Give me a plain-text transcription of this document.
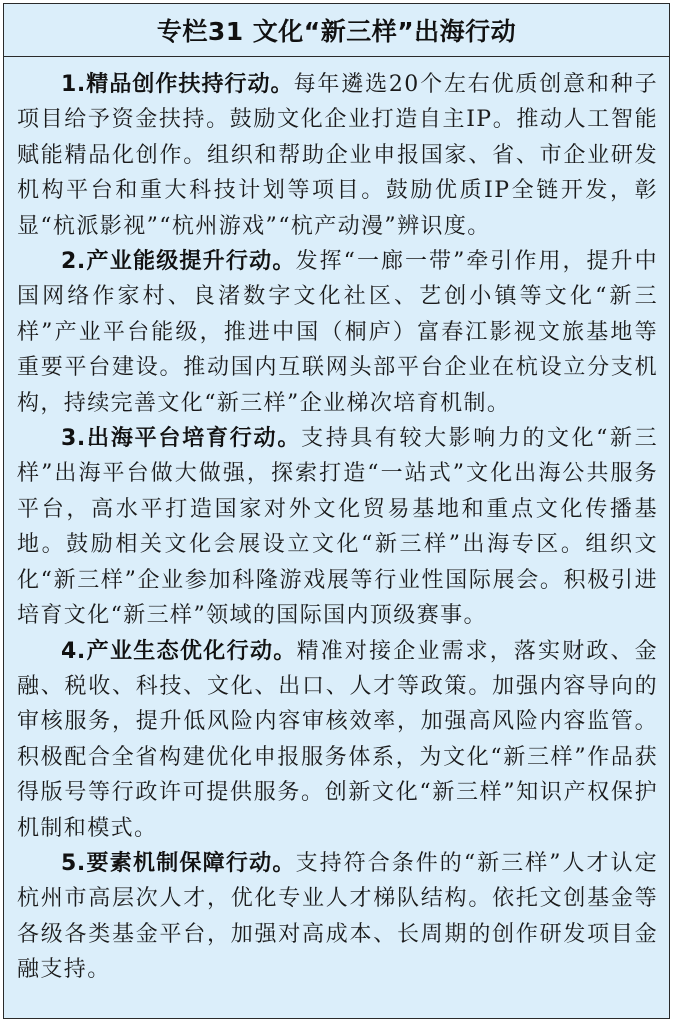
专栏31 文化“新三样”出海行动

1.精品创作扶持行动。每年遴选20个左右优质创意和种子项目给予资金扶持。鼓励文化企业打造自主IP。推动人工智能赋能精品化创作。组织和帮助企业申报国家、省、市企业研发机构平台和重大科技计划等项目。鼓励优质IP全链开发，彰显“杭派影视”“杭州游戏”“杭产动漫”辨识度。

2.产业能级提升行动。发挥“一廊一带”牵引作用，提升中国网络作家村、良渚数字文化社区、艺创小镇等文化“新三样”产业平台能级，推进中国（桐庐）富春江影视文旅基地等重要平台建设。推动国内互联网头部平台企业在杭设立分支机构，持续完善文化“新三样”企业梯次培育机制。

3.出海平台培育行动。支持具有较大影响力的文化“新三样”出海平台做大做强，探索打造“一站式”文化出海公共服务平台，高水平打造国家对外文化贸易基地和重点文化传播基地。鼓励相关文化会展设立文化“新三样”出海专区。组织文化“新三样”企业参加科隆游戏展等行业性国际展会。积极引进培育文化“新三样”领域的国际国内顶级赛事。

4.产业生态优化行动。精准对接企业需求，落实财政、金融、税收、科技、文化、出口、人才等政策。加强内容导向的审核服务，提升低风险内容审核效率，加强高风险内容监管。积极配合全省构建优化申报服务体系，为文化“新三样”作品获得版号等行政许可提供服务。创新文化“新三样”知识产权保护机制和模式。

5.要素机制保障行动。支持符合条件的“新三样”人才认定杭州市高层次人才，优化专业人才梯队结构。依托文创基金等各级各类基金平台，加强对高成本、长周期的创作研发项目金融支持。
